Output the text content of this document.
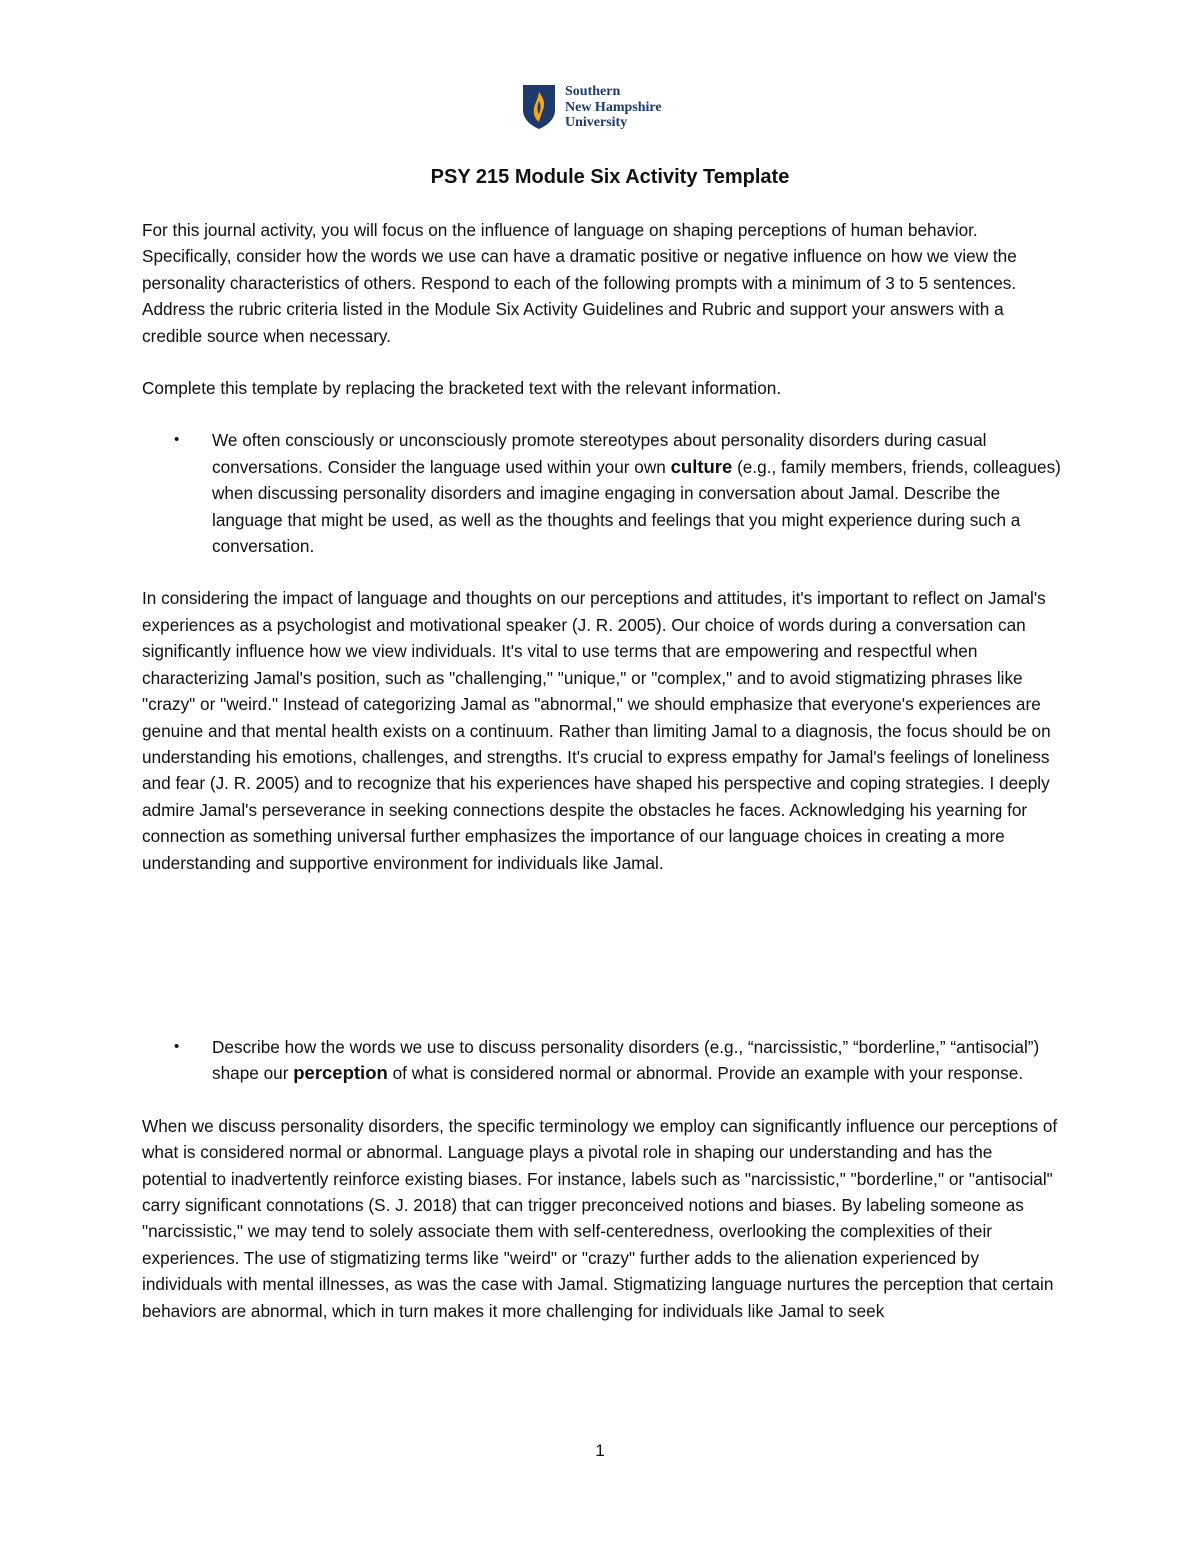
Southern
New Hampshire
University
PSY 215 Module Six Activity Template

For this journal activity, you will focus on the influence of language on shaping perceptions of human behavior. Specifically, consider how the words we use can have a dramatic positive or negative influence on how we view the personality characteristics of others. Respond to each of the following prompts with a minimum of 3 to 5 sentences. Address the rubric criteria listed in the Module Six Activity Guidelines and Rubric and support your answers with a credible source when necessary.

Complete this template by replacing the bracketed text with the relevant information.

• We often consciously or unconsciously promote stereotypes about personality disorders during casual conversations. Consider the language used within your own culture (e.g., family members, friends, colleagues) when discussing personality disorders and imagine engaging in conversation about Jamal. Describe the language that might be used, as well as the thoughts and feelings that you might experience during such a conversation.

In considering the impact of language and thoughts on our perceptions and attitudes, it's important to reflect on Jamal's experiences as a psychologist and motivational speaker (J. R. 2005). Our choice of words during a conversation can significantly influence how we view individuals. It's vital to use terms that are empowering and respectful when characterizing Jamal's position, such as "challenging," "unique," or "complex," and to avoid stigmatizing phrases like "crazy" or "weird." Instead of categorizing Jamal as "abnormal," we should emphasize that everyone's experiences are genuine and that mental health exists on a continuum. Rather than limiting Jamal to a diagnosis, the focus should be on understanding his emotions, challenges, and strengths. It's crucial to express empathy for Jamal's feelings of loneliness and fear (J. R. 2005) and to recognize that his experiences have shaped his perspective and coping strategies. I deeply admire Jamal's perseverance in seeking connections despite the obstacles he faces. Acknowledging his yearning for connection as something universal further emphasizes the importance of our language choices in creating a more understanding and supportive environment for individuals like Jamal.

• Describe how the words we use to discuss personality disorders (e.g., “narcissistic,” “borderline,” “antisocial”) shape our perception of what is considered normal or abnormal. Provide an example with your response.

When we discuss personality disorders, the specific terminology we employ can significantly influence our perceptions of what is considered normal or abnormal. Language plays a pivotal role in shaping our understanding and has the potential to inadvertently reinforce existing biases. For instance, labels such as "narcissistic," "borderline," or "antisocial" carry significant connotations (S. J. 2018) that can trigger preconceived notions and biases. By labeling someone as "narcissistic," we may tend to solely associate them with self-centeredness, overlooking the complexities of their experiences. The use of stigmatizing terms like "weird" or "crazy" further adds to the alienation experienced by individuals with mental illnesses, as was the case with Jamal. Stigmatizing language nurtures the perception that certain behaviors are abnormal, which in turn makes it more challenging for individuals like Jamal to seek

1
